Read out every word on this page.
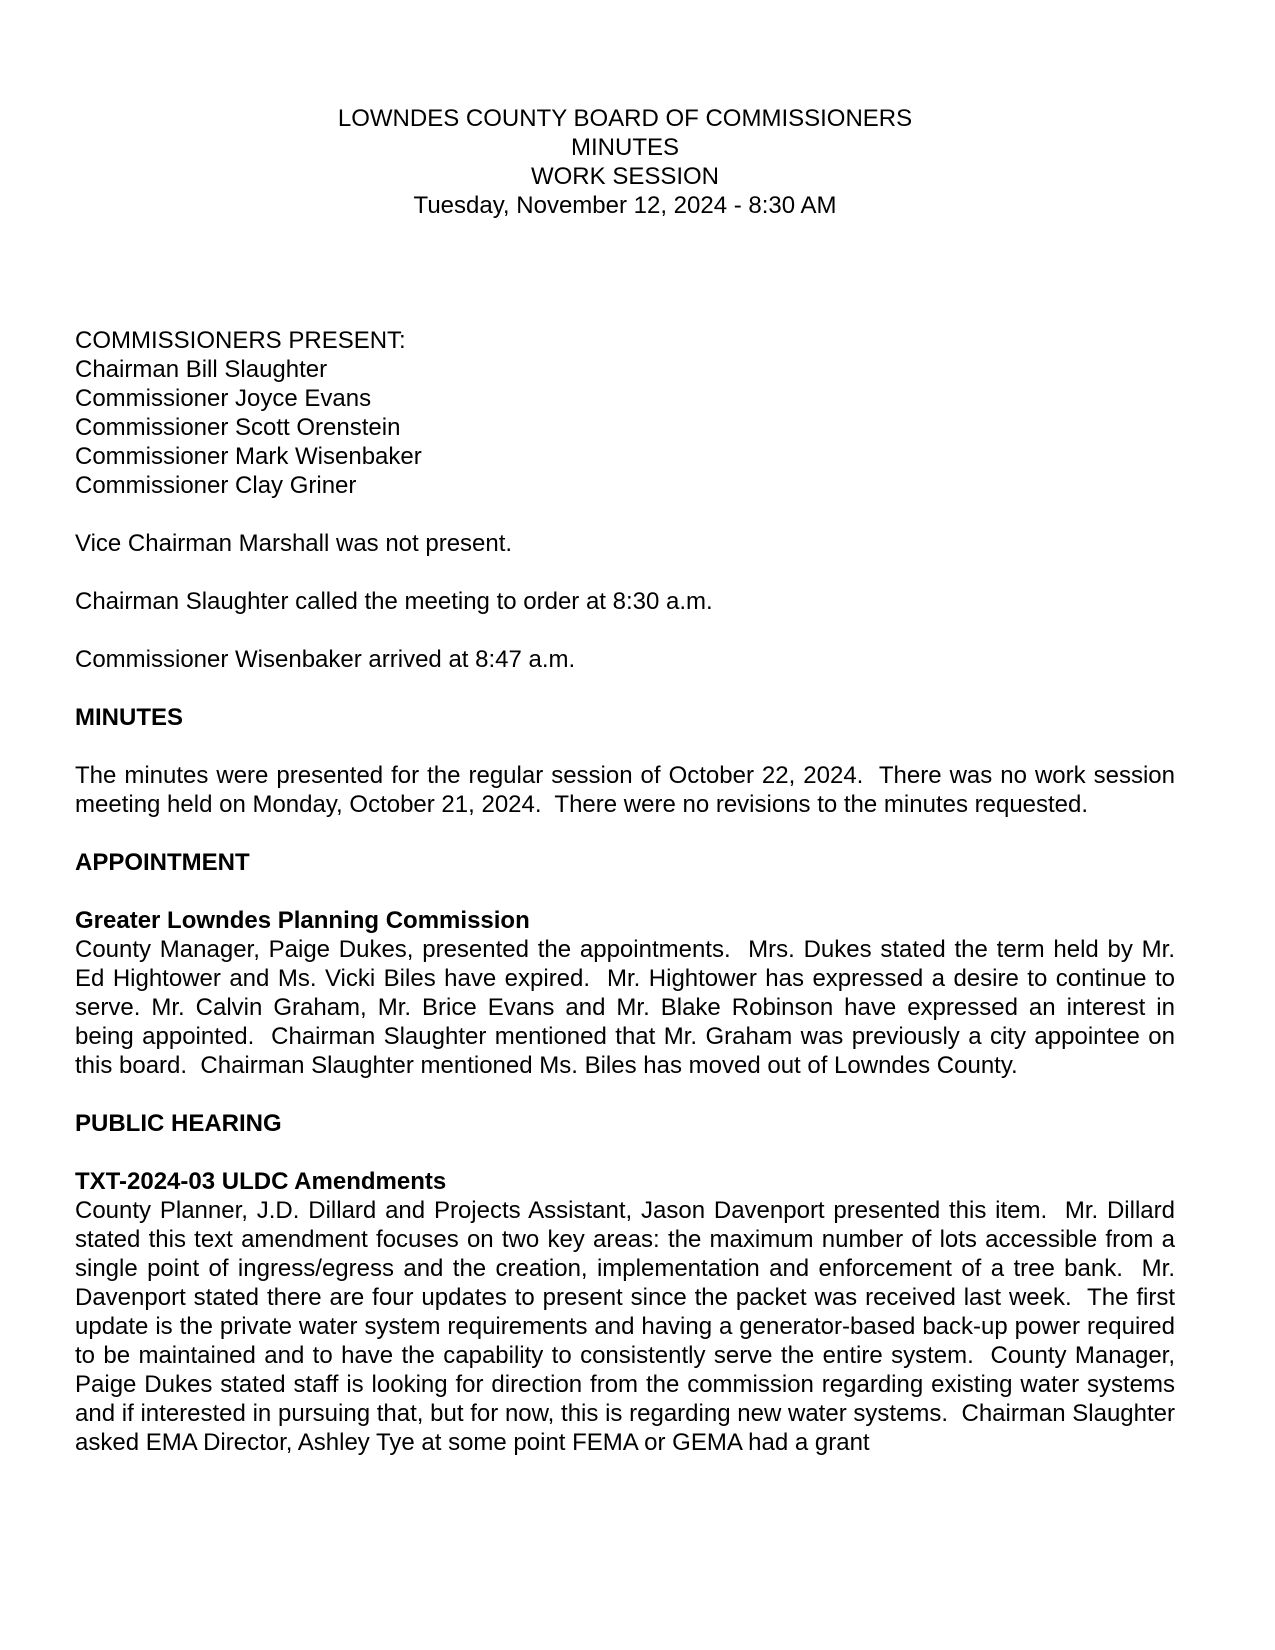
LOWNDES COUNTY BOARD OF COMMISSIONERS
MINUTES
WORK SESSION
Tuesday, November 12, 2024 - 8:30 AM
COMMISSIONERS PRESENT:
Chairman Bill Slaughter
Commissioner Joyce Evans
Commissioner Scott Orenstein
Commissioner Mark Wisenbaker
Commissioner Clay Griner

Vice Chairman Marshall was not present.

Chairman Slaughter called the meeting to order at 8:30 a.m.

Commissioner Wisenbaker arrived at 8:47 a.m.

MINUTES

The minutes were presented for the regular session of October 22, 2024.  There was no work session meeting held on Monday, October 21, 2024.  There were no revisions to the minutes requested.

APPOINTMENT
Greater Lowndes Planning Commission

County Manager, Paige Dukes, presented the appointments.  Mrs. Dukes stated the term held by Mr. Ed Hightower and Ms. Vicki Biles have expired.  Mr. Hightower has expressed a desire to continue to serve. Mr. Calvin Graham, Mr. Brice Evans and Mr. Blake Robinson have expressed an interest in being appointed.  Chairman Slaughter mentioned that Mr. Graham was previously a city appointee on this board.  Chairman Slaughter mentioned Ms. Biles has moved out of Lowndes County.

PUBLIC HEARING
TXT-2024-03 ULDC Amendments

County Planner, J.D. Dillard and Projects Assistant, Jason Davenport presented this item.  Mr. Dillard stated this text amendment focuses on two key areas: the maximum number of lots accessible from a single point of ingress/egress and the creation, implementation and enforcement of a tree bank.  Mr. Davenport stated there are four updates to present since the packet was received last week.  The first update is the private water system requirements and having a generator-based back-up power required to be maintained and to have the capability to consistently serve the entire system.  County Manager, Paige Dukes stated staff is looking for direction from the commission regarding existing water systems and if interested in pursuing that, but for now, this is regarding new water systems.  Chairman Slaughter asked EMA Director, Ashley Tye at some point FEMA or GEMA had a grant
